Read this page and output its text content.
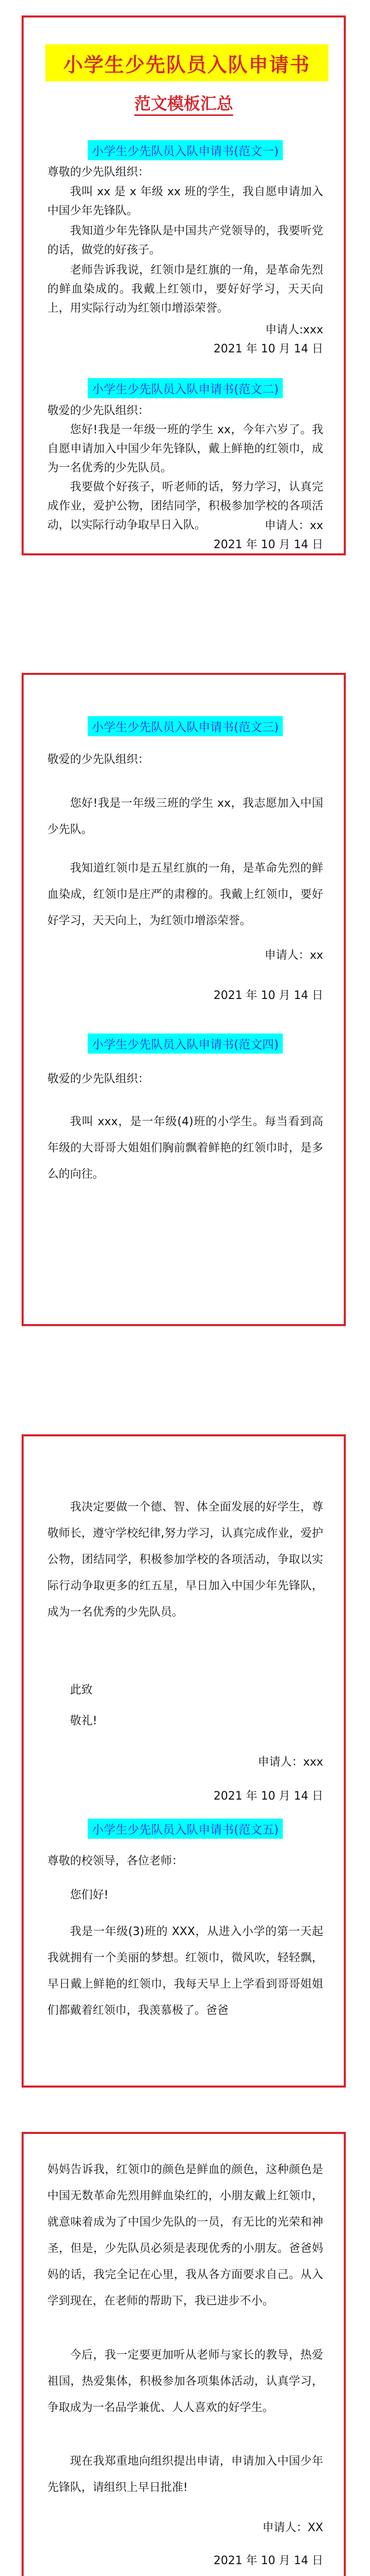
小学生少先队员入队申请书
范文模板汇总
小学生少先队员入队申请书(范文一)
尊敬的少先队组织：
我叫 xx 是 x 年级 xx 班的学生，我自愿申请加入中国少年先锋队。
我知道少年先锋队是中国共产党领导的，我要听党的话，做党的好孩子。
老师告诉我说，红领巾是红旗的一角，是革命先烈的鲜血染成的。我戴上红领巾，要好好学习，天天向上，用实际行动为红领巾增添荣誉。
申请人:xxx
2021 年 10 月 14 日
小学生少先队员入队申请书(范文二)
敬爱的少先队组织：
您好!我是一年级一班的学生 xx，今年六岁了。我自愿申请加入中国少年先锋队，戴上鲜艳的红领巾，成为一名优秀的少先队员。
我要做个好孩子，听老师的话，努力学习，认真完成作业，爱护公物，团结同学，积极参加学校的各项活动，以实际行动争取早日入队。	申请人：xx
2021 年 10 月 14 日
小学生少先队员入队申请书(范文三)
敬爱的少先队组织：
您好!我是一年级三班的学生 xx，我志愿加入中国少先队。
我知道红领巾是五星红旗的一角，是革命先烈的鲜血染成，红领巾是庄严的肃穆的。我戴上红领巾，要好好学习，天天向上，为红领巾增添荣誉。
申请人：xx
2021 年 10 月 14 日
小学生少先队员入队申请书(范文四)
敬爱的少先队组织：
我叫 xxx，是一年级(4)班的小学生。每当看到高年级的大哥哥大姐姐们胸前飘着鲜艳的红领巾时，是多么的向往。
我决定要做一个德、智、体全面发展的好学生，尊敬师长，遵守学校纪律,努力学习，认真完成作业，爱护公物，团结同学，积极参加学校的各项活动，争取以实际行动争取更多的红五星，早日加入中国少年先锋队，成为一名优秀的少先队员。
此致
敬礼!
申请人：xxx
2021 年 10 月 14 日
小学生少先队员入队申请书(范文五)
尊敬的校领导，各位老师：
您们好!
我是一年级(3)班的 XXX，从进入小学的第一天起我就拥有一个美丽的梦想。红领巾，微风吹，轻轻飘，早日戴上鲜艳的红领巾，我每天早上上学看到哥哥姐姐们都戴着红领巾，我羡慕极了。爸爸
妈妈告诉我，红领巾的颜色是鲜血的颜色，这种颜色是中国无数革命先烈用鲜血染红的，小朋友戴上红领巾，就意味着成为了中国少先队的一员，有无比的光荣和神圣，但是，少先队员必须是表现优秀的小朋友。爸爸妈妈的话，我完全记在心里，我从各方面要求自己。从入学到现在，在老师的帮助下，我已进步不小。
今后，我一定要更加听从老师与家长的教导，热爱祖国，热爱集体，积极参加各项集体活动，认真学习，争取成为一名品学兼优、人人喜欢的好学生。
现在我郑重地向组织提出申请，申请加入中国少年先锋队，请组织上早日批准!
申请人：XX
2021 年 10 月 14 日
